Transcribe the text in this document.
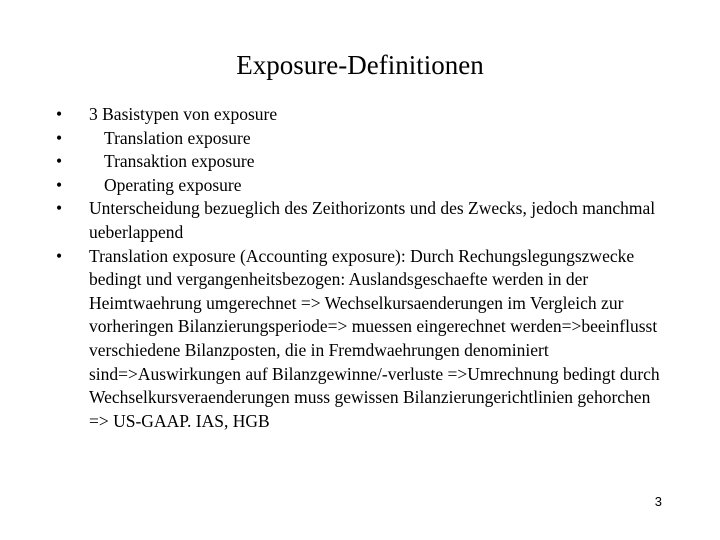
Exposure-Definitionen
•	3 Basistypen von exposure
•	Translation exposure
•	Transaktion exposure
•	Operating exposure
•	Unterscheidung bezueglich des Zeithorizonts und des Zwecks, jedoch manchmal ueberlappend
•	Translation exposure (Accounting exposure): Durch Rechungslegungszwecke bedingt und vergangenheitsbezogen: Auslandsgeschaefte werden in der Heimtwaehrung umgerechnet => Wechselkursaenderungen im Vergleich zur vorheringen Bilanzierungsperiode=> muessen eingerechnet werden=>beeinflusst verschiedene Bilanzposten, die in Fremdwaehrungen denominiert sind=>Auswirkungen auf Bilanzgewinne/-verluste =>Umrechnung bedingt durch Wechselkursveraenderungen muss gewissen Bilanzierungerichtlinien gehorchen => US-GAAP. IAS, HGB
3
